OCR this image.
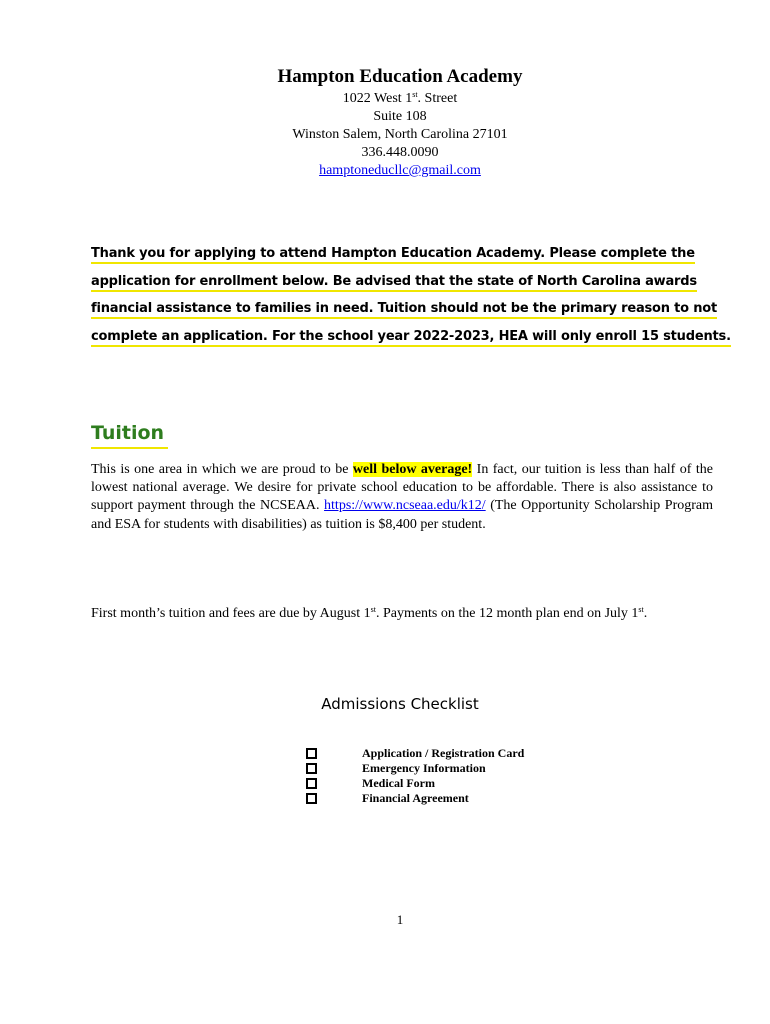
Hampton Education Academy
1022 West 1st. Street
Suite 108
Winston Salem, North Carolina 27101
336.448.0090
hamptoneducllc@gmail.com
Thank you for applying to attend Hampton Education Academy. Please complete the
application for enrollment below. Be advised that the state of North Carolina awards
financial assistance to families in need. Tuition should not be the primary reason to not
complete an application. For the school year 2022-2023, HEA will only enroll 15 students.
Tuition
This is one area in which we are proud to be well below average! In fact, our tuition is less than half of the lowest national average. We desire for private school education to be affordable. There is also assistance to support payment through the NCSEAA. https://www.ncseaa.edu/k12/ (The Opportunity Scholarship Program and ESA for students with disabilities) as tuition is $8,400 per student.
First month’s tuition and fees are due by August 1st. Payments on the 12 month plan end on July 1st.
Admissions Checklist
Application / Registration Card
Emergency Information
Medical Form
Financial Agreement
1
